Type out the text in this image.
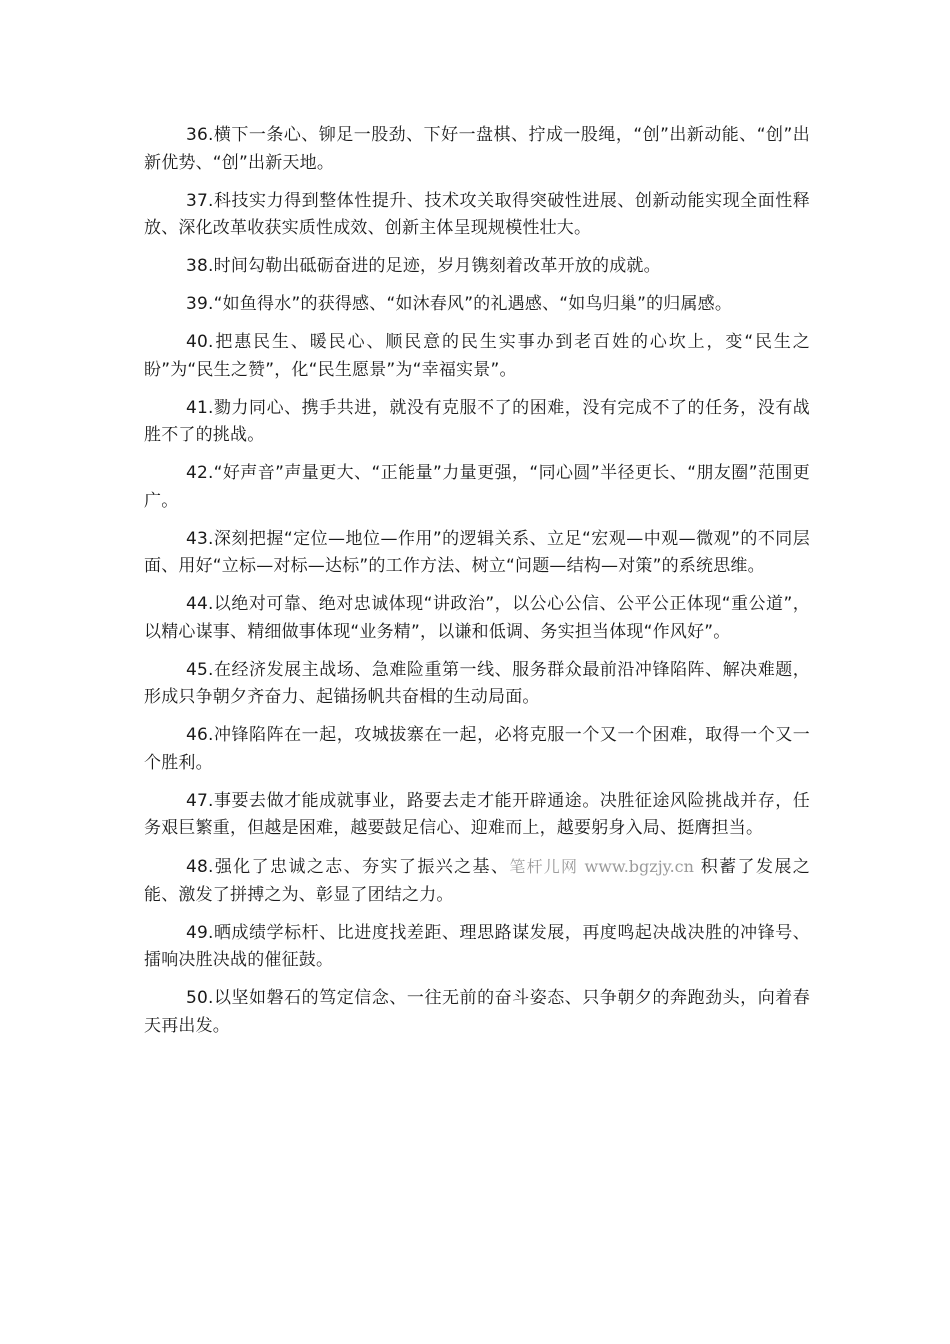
36.横下一条心、铆足一股劲、下好一盘棋、拧成一股绳，“创”出新动能、“创”出新优势、“创”出新天地。

37.科技实力得到整体性提升、技术攻关取得突破性进展、创新动能实现全面性释放、深化改革收获实质性成效、创新主体呈现规模性壮大。

38.时间勾勒出砥砺奋进的足迹，岁月镌刻着改革开放的成就。

39.“如鱼得水”的获得感、“如沐春风”的礼遇感、“如鸟归巢”的归属感。

40.把惠民生、暖民心、顺民意的民生实事办到老百姓的心坎上，变“民生之盼”为“民生之赞”，化“民生愿景”为“幸福实景”。

41.勠力同心、携手共进，就没有克服不了的困难，没有完成不了的任务，没有战胜不了的挑战。

42.“好声音”声量更大、“正能量”力量更强，“同心圆”半径更长、“朋友圈”范围更广。

43.深刻把握“定位—地位—作用”的逻辑关系、立足“宏观—中观—微观”的不同层面、用好“立标—对标—达标”的工作方法、树立“问题—结构—对策”的系统思维。

44.以绝对可靠、绝对忠诚体现“讲政治”，以公心公信、公平公正体现“重公道”，以精心谋事、精细做事体现“业务精”，以谦和低调、务实担当体现“作风好”。

45.在经济发展主战场、急难险重第一线、服务群众最前沿冲锋陷阵、解决难题，形成只争朝夕齐奋力、起锚扬帆共奋楫的生动局面。

46.冲锋陷阵在一起，攻城拔寨在一起，必将克服一个又一个困难，取得一个又一个胜利。

47.事要去做才能成就事业，路要去走才能开辟通途。决胜征途风险挑战并存，任务艰巨繁重，但越是困难，越要鼓足信心、迎难而上，越要躬身入局、挺膺担当。

48.强化了忠诚之志、夯实了振兴之基、笔杆儿网 www.bgzjy.cn 积蓄了发展之能、激发了拼搏之为、彰显了团结之力。

49.晒成绩学标杆、比进度找差距、理思路谋发展，再度鸣起决战决胜的冲锋号、擂响决胜决战的催征鼓。

50.以坚如磐石的笃定信念、一往无前的奋斗姿态、只争朝夕的奔跑劲头，向着春天再出发。
